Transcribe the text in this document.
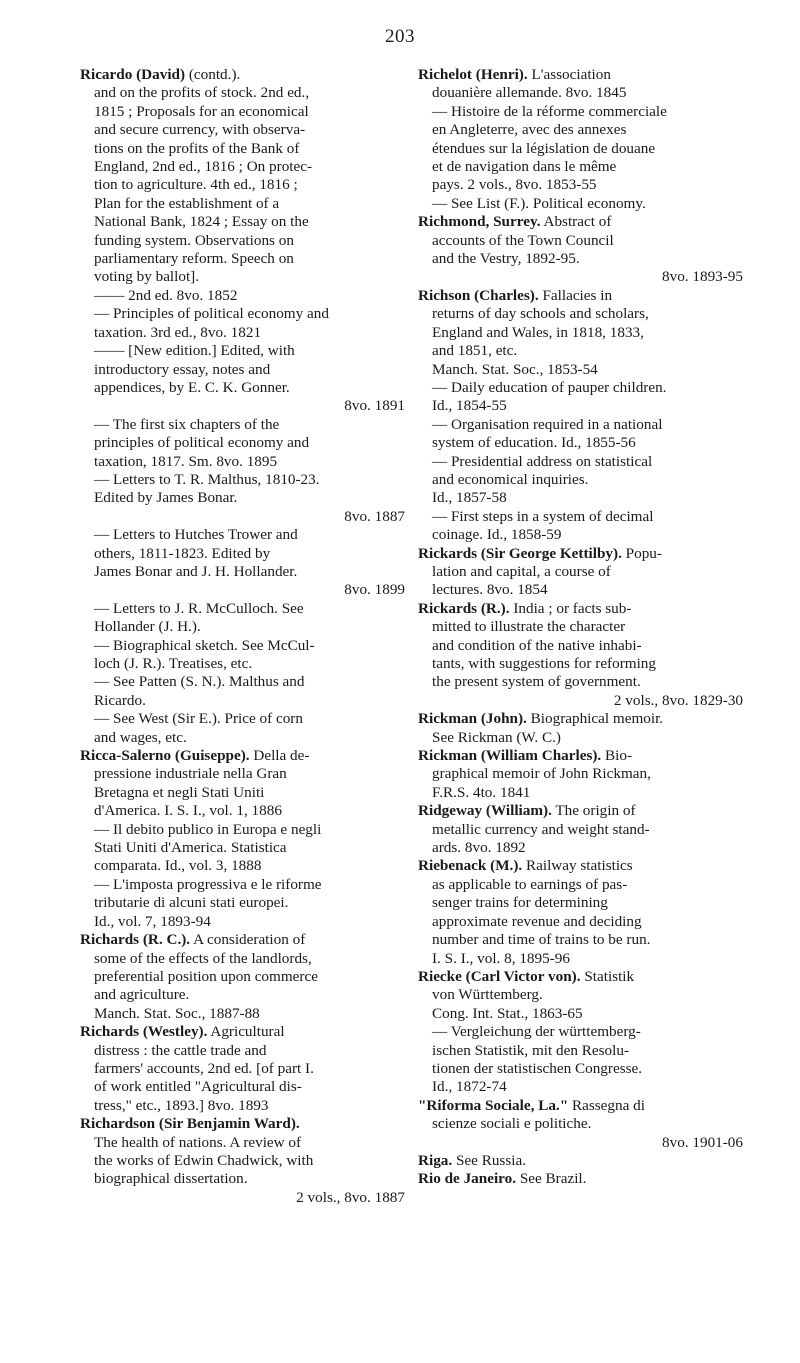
203
Ricardo (David) (contd.).
and on the profits of stock. 2nd ed.,
1815 ; Proposals for an economical
and secure currency, with observa-
tions on the profits of the Bank of
England, 2nd ed., 1816 ; On protec-
tion to agriculture. 4th ed., 1816 ;
Plan for the establishment of a
National Bank, 1824 ; Essay on the
funding system. Observations on
parliamentary reform. Speech on
voting by ballot].
—— 2nd ed. 8vo. 1852
— Principles of political economy and
taxation. 3rd ed., 8vo. 1821
—— [New edition.] Edited, with
introductory essay, notes and
appendices, by E. C. K. Gonner.
8vo. 1891
— The first six chapters of the
principles of political economy and
taxation, 1817. Sm. 8vo. 1895
— Letters to T. R. Malthus, 1810-23.
Edited by James Bonar.
8vo. 1887
— Letters to Hutches Trower and
others, 1811-1823. Edited by
James Bonar and J. H. Hollander.
8vo. 1899
— Letters to J. R. McCulloch. See
Hollander (J. H.).
— Biographical sketch. See McCul-
loch (J. R.). Treatises, etc.
— See Patten (S. N.). Malthus and
Ricardo.
— See West (Sir E.). Price of corn
and wages, etc.
Ricca-Salerno (Guiseppe). Della de-
pressione industriale nella Gran
Bretagna et negli Stati Uniti
d'America. I. S. I., vol. 1, 1886
— Il debito publico in Europa e negli
Stati Uniti d'America. Statistica
comparata. Id., vol. 3, 1888
— L'imposta progressiva e le riforme
tributarie di alcuni stati europei.
Id., vol. 7, 1893-94
Richards (R. C.). A consideration of
some of the effects of the landlords,
preferential position upon commerce
and agriculture.
Manch. Stat. Soc., 1887-88
Richards (Westley). Agricultural
distress : the cattle trade and
farmers' accounts, 2nd ed. [of part I.
of work entitled "Agricultural dis-
tress," etc., 1893.] 8vo. 1893
Richardson (Sir Benjamin Ward).
The health of nations. A review of
the works of Edwin Chadwick, with
biographical dissertation.
2 vols., 8vo. 1887
Richelot (Henri). L'association
douanière allemande. 8vo. 1845
— Histoire de la réforme commerciale
en Angleterre, avec des annexes
étendues sur la législation de douane
et de navigation dans le même
pays. 2 vols., 8vo. 1853-55
— See List (F.). Political economy.
Richmond, Surrey. Abstract of
accounts of the Town Council
and the Vestry, 1892-95.
8vo. 1893-95
Richson (Charles). Fallacies in
returns of day schools and scholars,
England and Wales, in 1818, 1833,
and 1851, etc.
Manch. Stat. Soc., 1853-54
— Daily education of pauper children.
Id., 1854-55
— Organisation required in a national
system of education. Id., 1855-56
— Presidential address on statistical
and economical inquiries.
Id., 1857-58
— First steps in a system of decimal
coinage. Id., 1858-59
Rickards (Sir George Kettilby). Popu-
lation and capital, a course of
lectures. 8vo. 1854
Rickards (R.). India ; or facts sub-
mitted to illustrate the character
and condition of the native inhabi-
tants, with suggestions for reforming
the present system of government.
2 vols., 8vo. 1829-30
Rickman (John). Biographical memoir.
See Rickman (W. C.)
Rickman (William Charles). Bio-
graphical memoir of John Rickman,
F.R.S. 4to. 1841
Ridgeway (William). The origin of
metallic currency and weight stand-
ards. 8vo. 1892
Riebenack (M.). Railway statistics
as applicable to earnings of pas-
senger trains for determining
approximate revenue and deciding
number and time of trains to be run.
I. S. I., vol. 8, 1895-96
Riecke (Carl Victor von). Statistik
von Württemberg.
Cong. Int. Stat., 1863-65
— Vergleichung der württemberg-
ischen Statistik, mit den Resolu-
tionen der statistischen Congresse.
Id., 1872-74
"Riforma Sociale, La." Rassegna di
scienze sociali e politiche.
8vo. 1901-06
Riga. See Russia.
Rio de Janeiro. See Brazil.
